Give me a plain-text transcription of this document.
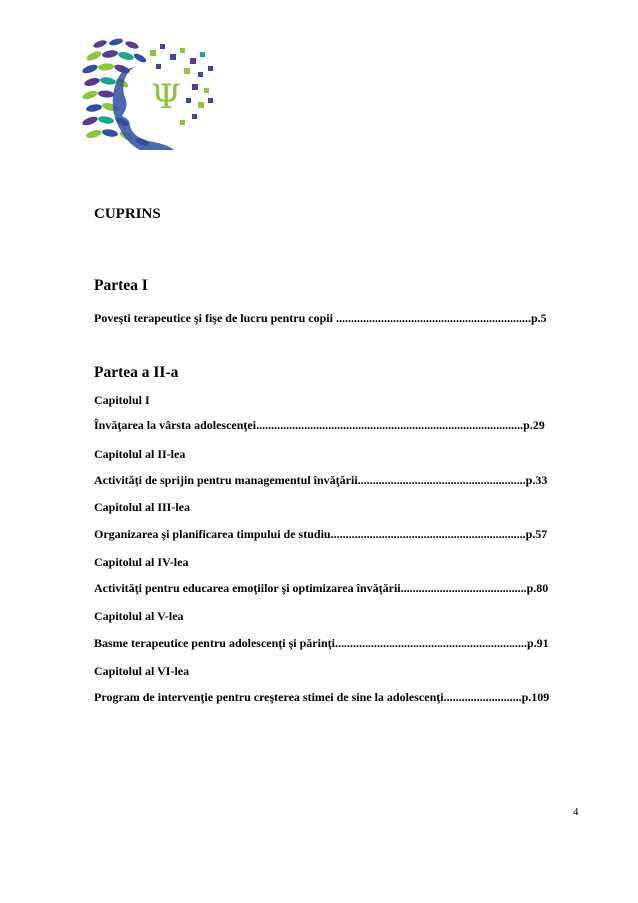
Ψ
CUPRINS
Partea I
Poveşti terapeutice şi fişe de lucru pentru copii .................................................................p.5
Partea a II-a
Capitolul I
Învăţarea la vârsta adolescenţei.........................................................................................p.29
Capitolul al II-lea
Activităţi de sprijin pentru managementul învăţării........................................................p.33
Capitolul al III-lea
Organizarea şi planificarea timpului de studiu.................................................................p.57
Capitolul al IV-lea
Activităţi pentru educarea emoţiilor şi optimizarea învăţării..........................................p.80
Capitolul al V-lea
Basme terapeutice pentru adolescenţi şi părinţi................................................................p.91
Capitolul al VI-lea
Program de intervenţie pentru creşterea stimei de sine la adolescenţi..........................p.109
4
